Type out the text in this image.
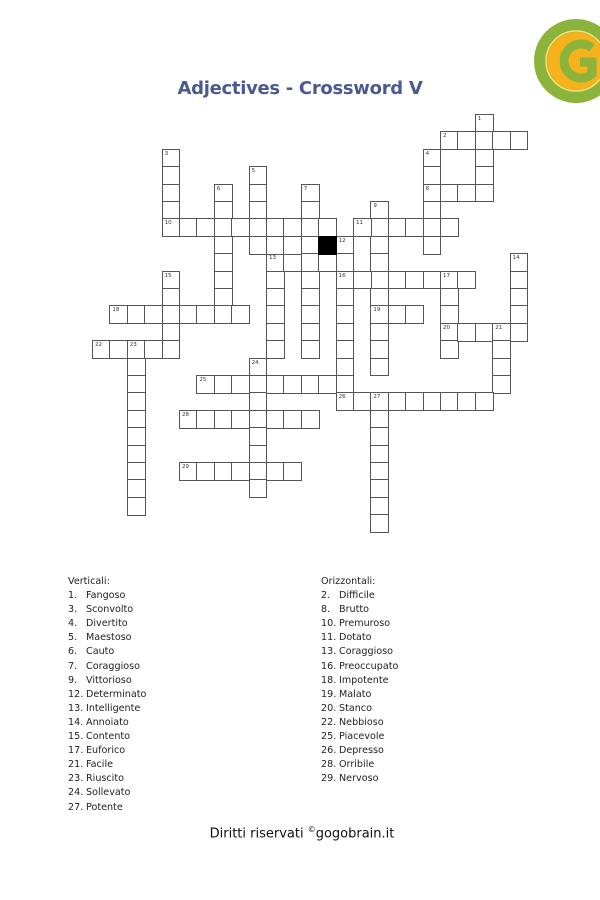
Adjectives - Crossword V
1
2
3	4
5
6	7	8
9
10	11
12
13	14
15	16	17
18	19
20	21
22	23
24
25
26	27
28
29
Verticali:
1. Fangoso
3. Sconvolto
4. Divertito
5. Maestoso
6. Cauto
7. Coraggioso
9. Vittorioso
12. Determinato
13. Intelligente
14. Annoiato
15. Contento
17. Euforico
21. Facile
23. Riuscito
24. Sollevato
27. Potente
Orizzontali:
2. Difficile
8. Brutto
10. Premuroso
11. Dotato
13. Coraggioso
16. Preoccupato
18. Impotente
19. Malato
20. Stanco
22. Nebbioso
25. Piacevole
26. Depresso
28. Orribile
29. Nervoso
Diritti riservati ©gogobrain.it
